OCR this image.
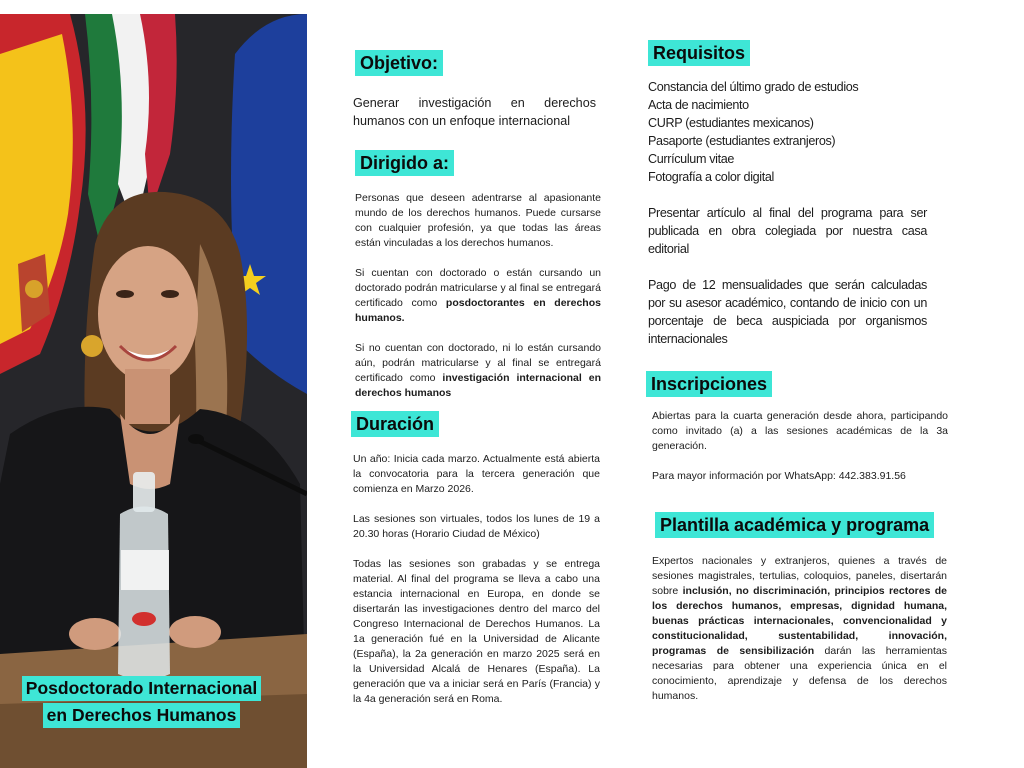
Posdoctorado Internacional
en Derechos Humanos
Objetivo:

Generar investigación en derechos humanos con un enfoque internacional

Dirigido a:

Personas que deseen adentrarse al apasionante mundo de los derechos humanos. Puede cursarse con cualquier profesión, ya que todas las áreas están vinculadas a los derechos humanos.

Si cuentan con doctorado o están cursando un doctorado podrán matricularse y al final se entregará certificado como posdoctorantes en derechos humanos.

Si no cuentan con doctorado, ni lo están cursando aún, podrán matricularse y al final se entregará certificado como investigación internacional en derechos humanos

Duración

Un año: Inicia cada marzo. Actualmente está abierta la convocatoria para la tercera generación que comienza en Marzo 2026.

Las sesiones son virtuales, todos los lunes de 19 a 20.30 horas (Horario Ciudad de México)

Todas las sesiones son grabadas y se entrega material. Al final del programa se lleva a cabo una estancia internacional en Europa, en donde se disertarán las investigaciones dentro del marco del Congreso Internacional de Derechos Humanos. La 1a generación fué en la Universidad de Alicante (España), la 2a generación en marzo 2025 será en la Universidad Alcalá de Henares (España). La generación que va a iniciar será en París (Francia) y la 4a generación será en Roma.

Requisitos

Constancia del último grado de estudios

Acta de nacimiento

CURP (estudiantes mexicanos)

Pasaporte (estudiantes extranjeros)

Currículum vitae

Fotografía a color digital

Presentar artículo al final del programa para ser publicada en obra colegiada por nuestra casa editorial

Pago de 12 mensualidades que serán calculadas por su asesor académico, contando de inicio con un porcentaje de beca auspiciada por organismos internacionales

Inscripciones

Abiertas para la cuarta generación desde ahora, participando como invitado (a) a las sesiones académicas de la 3a generación.

Para mayor información por WhatsApp: 442.383.91.56

Plantilla académica y programa

Expertos nacionales y extranjeros, quienes a través de sesiones magistrales, tertulias, coloquios, paneles, disertarán sobre inclusión, no discriminación, principios rectores de los derechos humanos, empresas, dignidad humana, buenas prácticas internacionales, convencionalidad y constitucionalidad, sustentabilidad, innovación, programas de sensibilización darán las herramientas necesarias para obtener una experiencia única en el conocimiento, aprendizaje y defensa de los derechos humanos.
